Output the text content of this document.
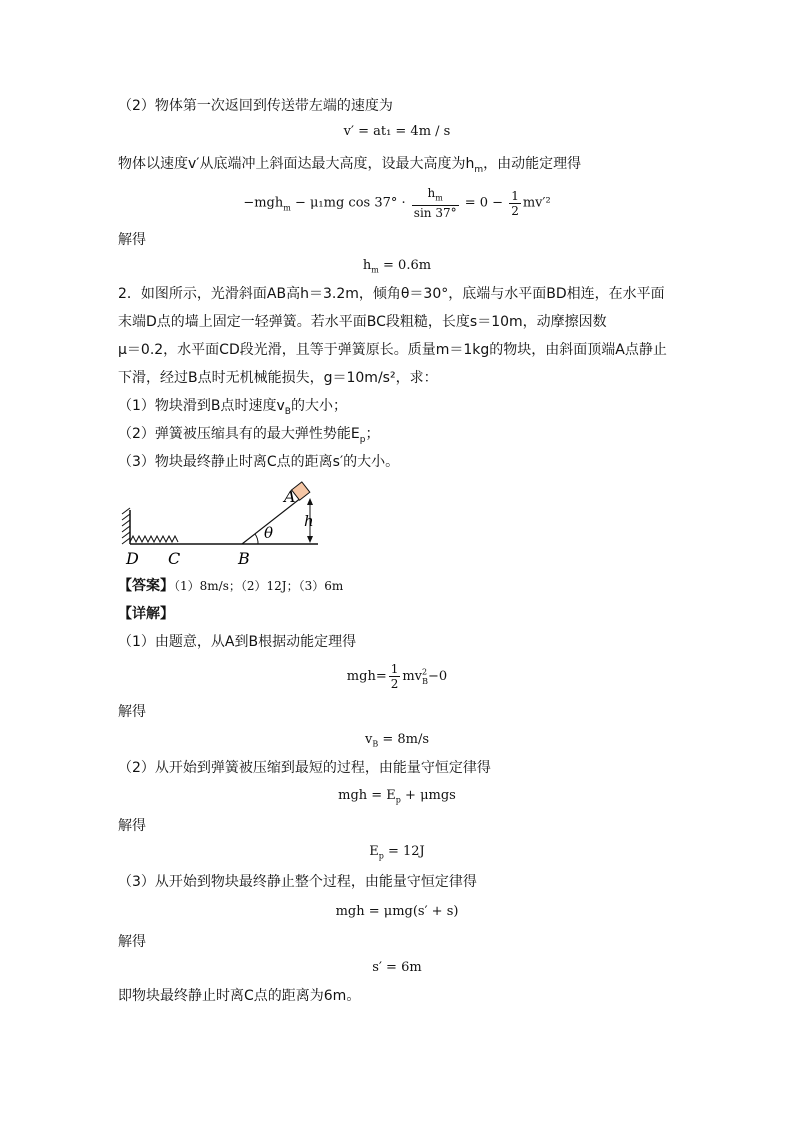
（2）物体第一次返回到传送带左端的速度为
v′ = at₁ = 4m / s
物体以速度v′从底端冲上斜面达最大高度，设最大高度为$h_m$，由动能定理得
−mgh$_m$ − μ₁mg $\cos 37^\circ \cdot \frac{h_m}{\sin 37^\circ} = 0 - \frac{1}{2} mv'^2$
解得
$h_m = 0.6m$
2．如图所示，光滑斜面AB高h＝3.2m，倾角θ＝30°，底端与水平面BD相连，在水平面
末端D点的墙上固定一轻弹簧。若水平面BC段粗糙，长度s＝10m，动摩擦因数
μ＝0.2，水平面CD段光滑，且等于弹簧原长。质量m＝1kg的物块，由斜面顶端A点静止
下滑，经过B点时无机械能损失，g＝10m/s²，求：
（1）物块滑到B点时速度$v_B$的大小；
（2）弹簧被压缩具有的最大弹性势能$E_p$；
（3）物块最终静止时离C点的距离s′的大小。
A
h
θ
D C	B
【答案】（1）8m/s；（2）12J；（3）6m
【详解】
（1）由题意，从A到B根据动能定理得
$mgh= \frac{1}{2} mv^2_B-0$
解得
$v_B = 8m/s$
（2）从开始到弹簧被压缩到最短的过程，由能量守恒定律得
mgh = $E_p + \mu mgs$
解得
$E_p = 12J$
（3）从开始到物块最终静止整个过程，由能量守恒定律得
mgh = μmg(s′ + s)
解得
s′ = 6m
即物块最终静止时离C点的距离为6m。
